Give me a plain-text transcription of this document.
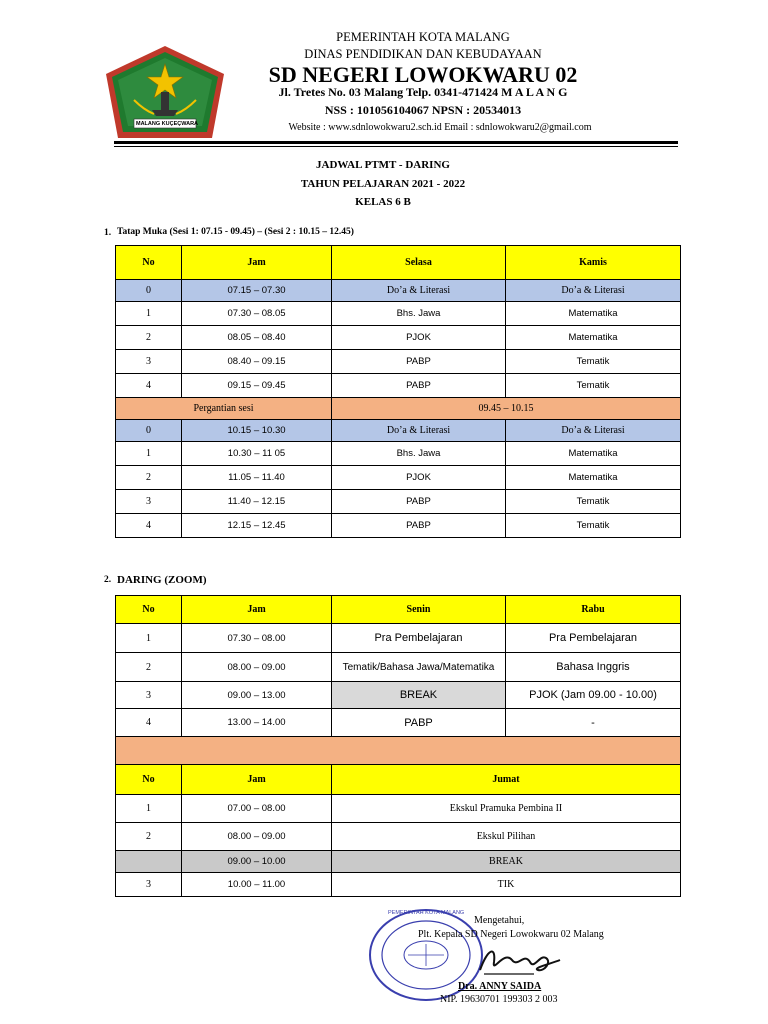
MALANG KUÇEÇWARA
PEMERINTAH KOTA MALANG
DINAS PENDIDIKAN DAN KEBUDAYAAN
SD NEGERI LOWOKWARU 02
Jl. Tretes No. 03 Malang Telp. 0341-471424 M A L A N G
NSS : 101056104067 NPSN : 20534013
Website : www.sdnlowokwaru2.sch.id Email : sdnlowokwaru2@gmail.com
JADWAL PTMT - DARING
TAHUN PELAJARAN 2021 - 2022
KELAS 6 B
1. Tatap Muka (Sesi 1: 07.15 - 09.45) – (Sesi 2 : 10.15 – 12.45)
No	Jam	Selasa	Kamis
0	07.15 – 07.30	Do’a & Literasi	Do’a & Literasi
1	07.30 – 08.05	Bhs. Jawa	Matematika
2	08.05 – 08.40	PJOK	Matematika
3	08.40 – 09.15	PABP	Tematik
4	09.15 – 09.45	PABP	Tematik
Pergantian sesi		09.45 – 10.15	
0	10.15 – 10.30	Do’a & Literasi	Do’a & Literasi
1	10.30 – 11 05	Bhs. Jawa	Matematika
2	11.05 – 11.40	PJOK	Matematika
3	11.40 – 12.15	PABP	Tematik
4	12.15 – 12.45	PABP	Tematik
2. DARING (ZOOM)
No	Jam	Senin	Rabu
1	07.30 – 08.00	Pra Pembelajaran	Pra Pembelajaran
2	08.00 – 09.00	Tematik/Bahasa Jawa/Matematika	Bahasa Inggris
3	09.00 – 13.00	BREAK	PJOK (Jam 09.00 - 10.00)
4	13.00 – 14.00	PABP	-

No	Jam	Jumat	
1	07.00 – 08.00	Ekskul Pramuka Pembina II	
2	08.00 – 09.00	Ekskul Pilihan	
	09.00 – 10.00	BREAK	
3	10.00 – 11.00	TIK	
PEMERINTAH KOTA MALANG
Mengetahui,
Plt. Kepala SD Negeri Lowokwaru 02 Malang
Dra. ANNY SAIDA
NIP. 19630701 199303 2 003
